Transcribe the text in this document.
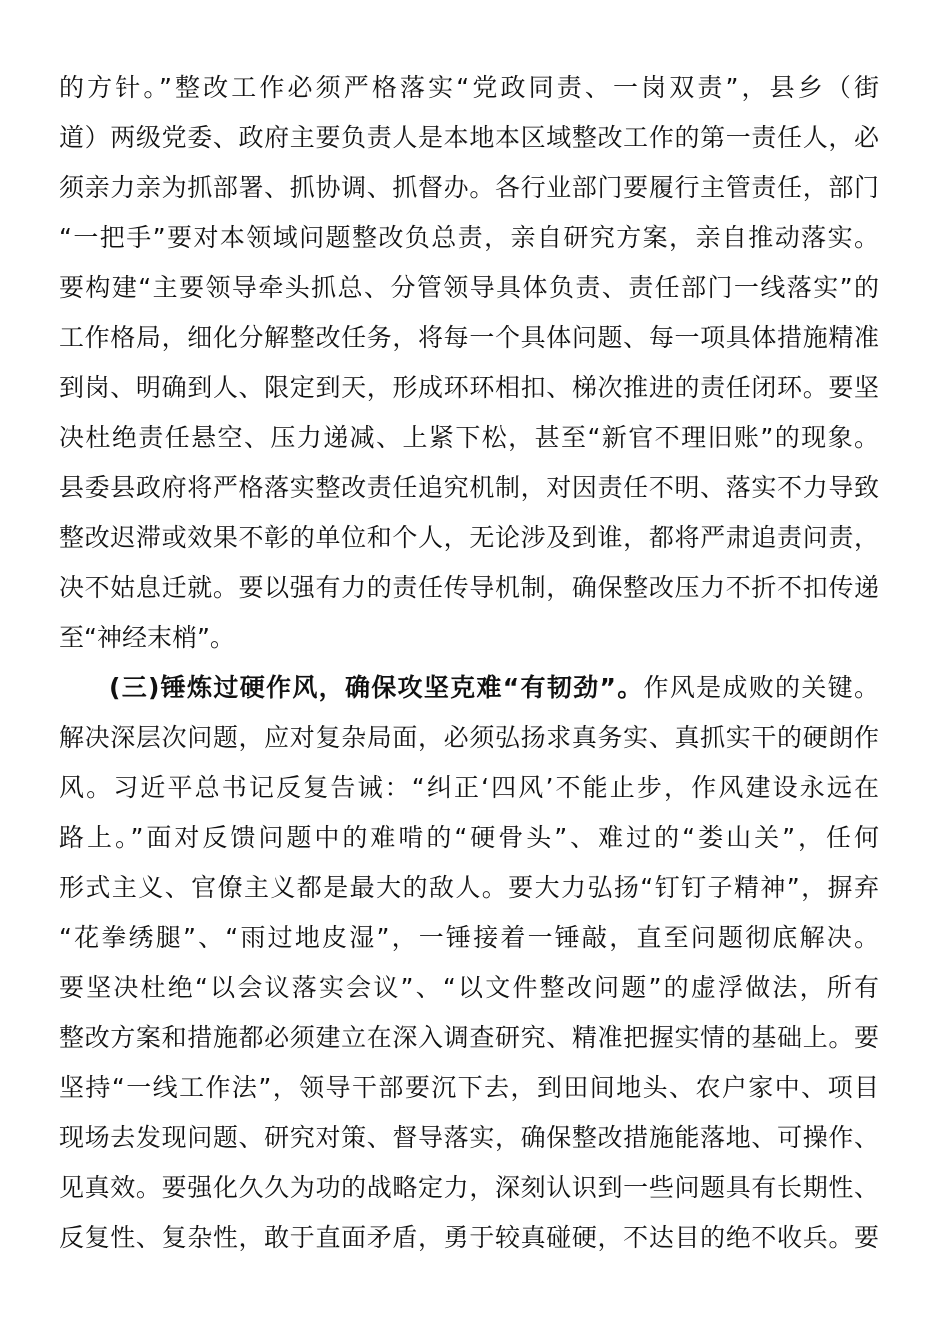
的方针。”整改工作必须严格落实“党政同责、一岗双责”，县乡（街
道）两级党委、政府主要负责人是本地本区域整改工作的第一责任人，必
须亲力亲为抓部署、抓协调、抓督办。各行业部门要履行主管责任，部门
“一把手”要对本领域问题整改负总责，亲自研究方案，亲自推动落实。
要构建“主要领导牵头抓总、分管领导具体负责、责任部门一线落实”的
工作格局，细化分解整改任务，将每一个具体问题、每一项具体措施精准
到岗、明确到人、限定到天，形成环环相扣、梯次推进的责任闭环。要坚
决杜绝责任悬空、压力递减、上紧下松，甚至“新官不理旧账”的现象。
县委县政府将严格落实整改责任追究机制，对因责任不明、落实不力导致
整改迟滞或效果不彰的单位和个人，无论涉及到谁，都将严肃追责问责，
决不姑息迁就。要以强有力的责任传导机制，确保整改压力不折不扣传递
至“神经末梢”。
(三)锤炼过硬作风，确保攻坚克难“有韧劲”。作风是成败的关键。
解决深层次问题，应对复杂局面，必须弘扬求真务实、真抓实干的硬朗作
风。习近平总书记反复告诫：“纠正‘四风’不能止步，作风建设永远在
路上。”面对反馈问题中的难啃的“硬骨头”、难过的“娄山关”，任何
形式主义、官僚主义都是最大的敌人。要大力弘扬“钉钉子精神”，摒弃
“花拳绣腿”、“雨过地皮湿”，一锤接着一锤敲，直至问题彻底解决。
要坚决杜绝“以会议落实会议”、“以文件整改问题”的虚浮做法，所有
整改方案和措施都必须建立在深入调查研究、精准把握实情的基础上。要
坚持“一线工作法”，领导干部要沉下去，到田间地头、农户家中、项目
现场去发现问题、研究对策、督导落实，确保整改措施能落地、可操作、
见真效。要强化久久为功的战略定力，深刻认识到一些问题具有长期性、
反复性、复杂性，敢于直面矛盾，勇于较真碰硬，不达目的绝不收兵。要
